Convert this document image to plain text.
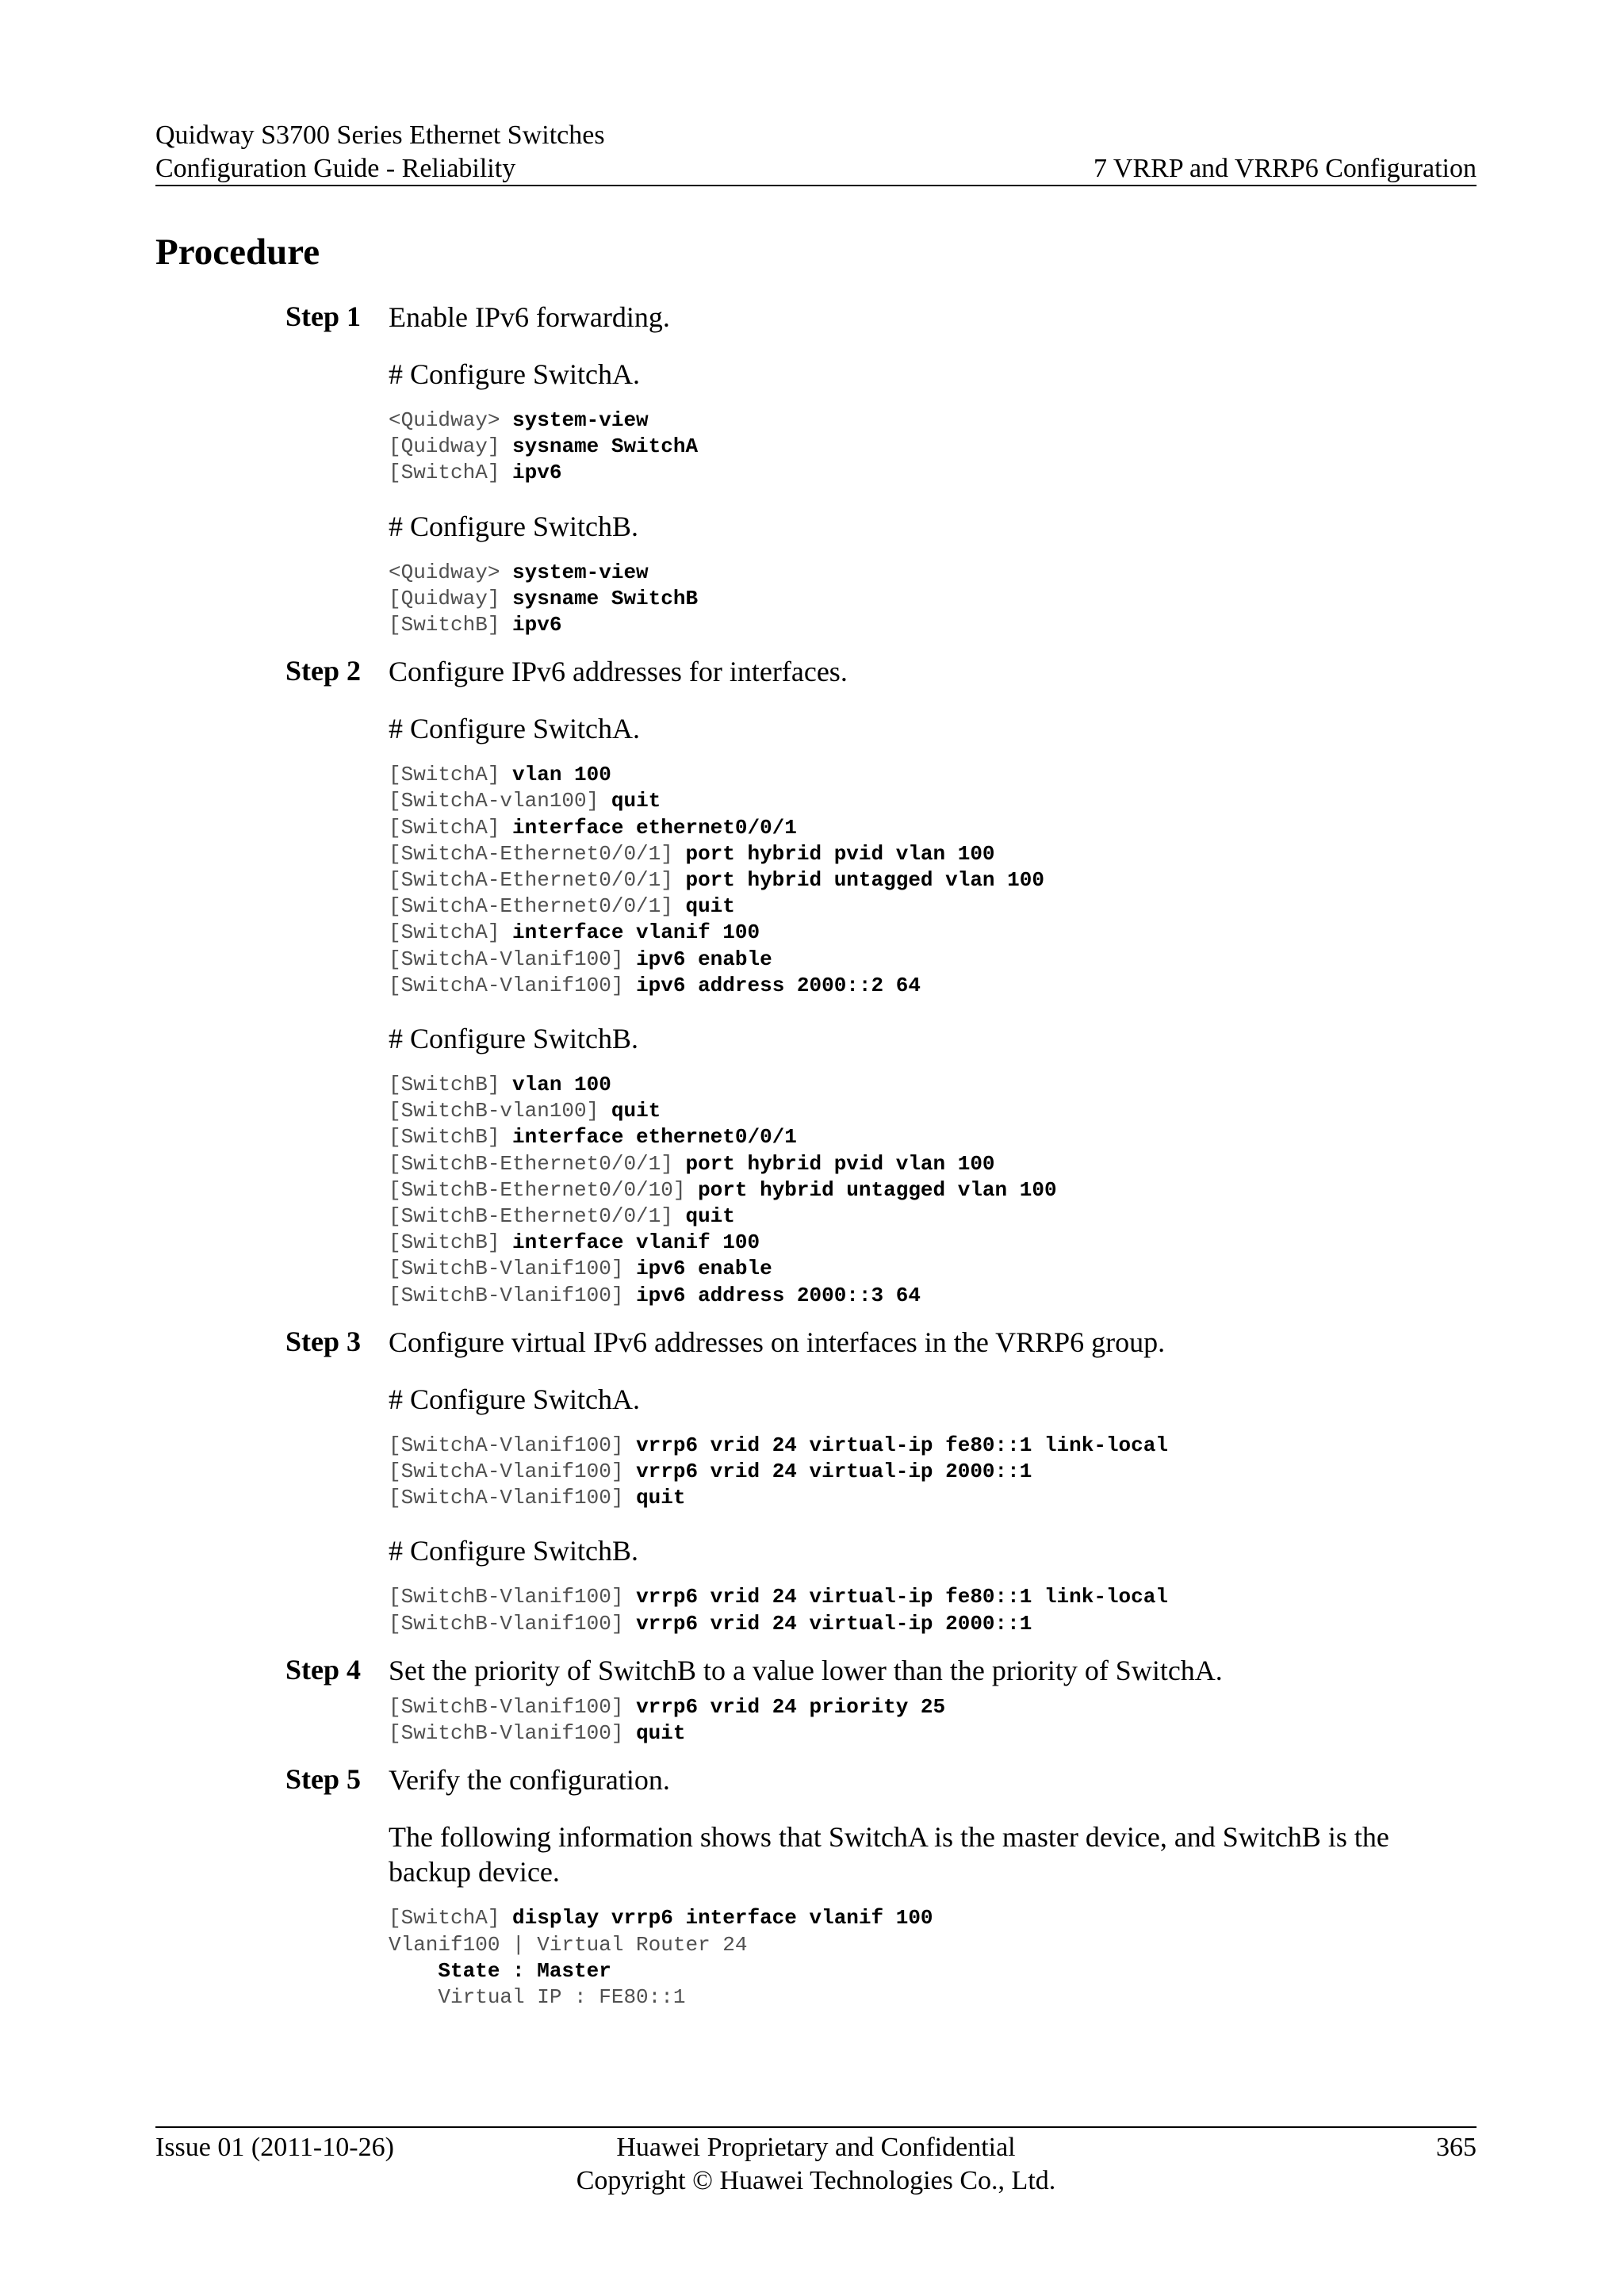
Quidway S3700 Series Ethernet Switches
Configuration Guide - Reliability	7 VRRP and VRRP6 Configuration
Procedure
Step 1 Enable IPv6 forwarding.

# Configure SwitchA.

<Quidway> system-view
[Quidway] sysname SwitchA
[SwitchA] ipv6

# Configure SwitchB.

<Quidway> system-view
[Quidway] sysname SwitchB
[SwitchB] ipv6
Step 2 Configure IPv6 addresses for interfaces.

# Configure SwitchA.

[SwitchA] vlan 100
[SwitchA-vlan100] quit
[SwitchA] interface ethernet0/0/1
[SwitchA-Ethernet0/0/1] port hybrid pvid vlan 100
[SwitchA-Ethernet0/0/1] port hybrid untagged vlan 100
[SwitchA-Ethernet0/0/1] quit
[SwitchA] interface vlanif 100
[SwitchA-Vlanif100] ipv6 enable
[SwitchA-Vlanif100] ipv6 address 2000::2 64

# Configure SwitchB.

[SwitchB] vlan 100
[SwitchB-vlan100] quit
[SwitchB] interface ethernet0/0/1
[SwitchB-Ethernet0/0/1] port hybrid pvid vlan 100
[SwitchB-Ethernet0/0/10] port hybrid untagged vlan 100
[SwitchB-Ethernet0/0/1] quit
[SwitchB] interface vlanif 100
[SwitchB-Vlanif100] ipv6 enable
[SwitchB-Vlanif100] ipv6 address 2000::3 64
Step 3 Configure virtual IPv6 addresses on interfaces in the VRRP6 group.

# Configure SwitchA.

[SwitchA-Vlanif100] vrrp6 vrid 24 virtual-ip fe80::1 link-local
[SwitchA-Vlanif100] vrrp6 vrid 24 virtual-ip 2000::1
[SwitchA-Vlanif100] quit

# Configure SwitchB.

[SwitchB-Vlanif100] vrrp6 vrid 24 virtual-ip fe80::1 link-local
[SwitchB-Vlanif100] vrrp6 vrid 24 virtual-ip 2000::1
Step 4 Set the priority of SwitchB to a value lower than the priority of SwitchA.

[SwitchB-Vlanif100] vrrp6 vrid 24 priority 25
[SwitchB-Vlanif100] quit
Step 5 Verify the configuration.

The following information shows that SwitchA is the master device, and SwitchB is the backup device.

[SwitchA] display vrrp6 interface vlanif 100
Vlanif100 | Virtual Router 24
State : Master
Virtual IP : FE80::1
Issue 01 (2011-10-26)	Huawei Proprietary and Confidential
Copyright © Huawei Technologies Co., Ltd.
365
